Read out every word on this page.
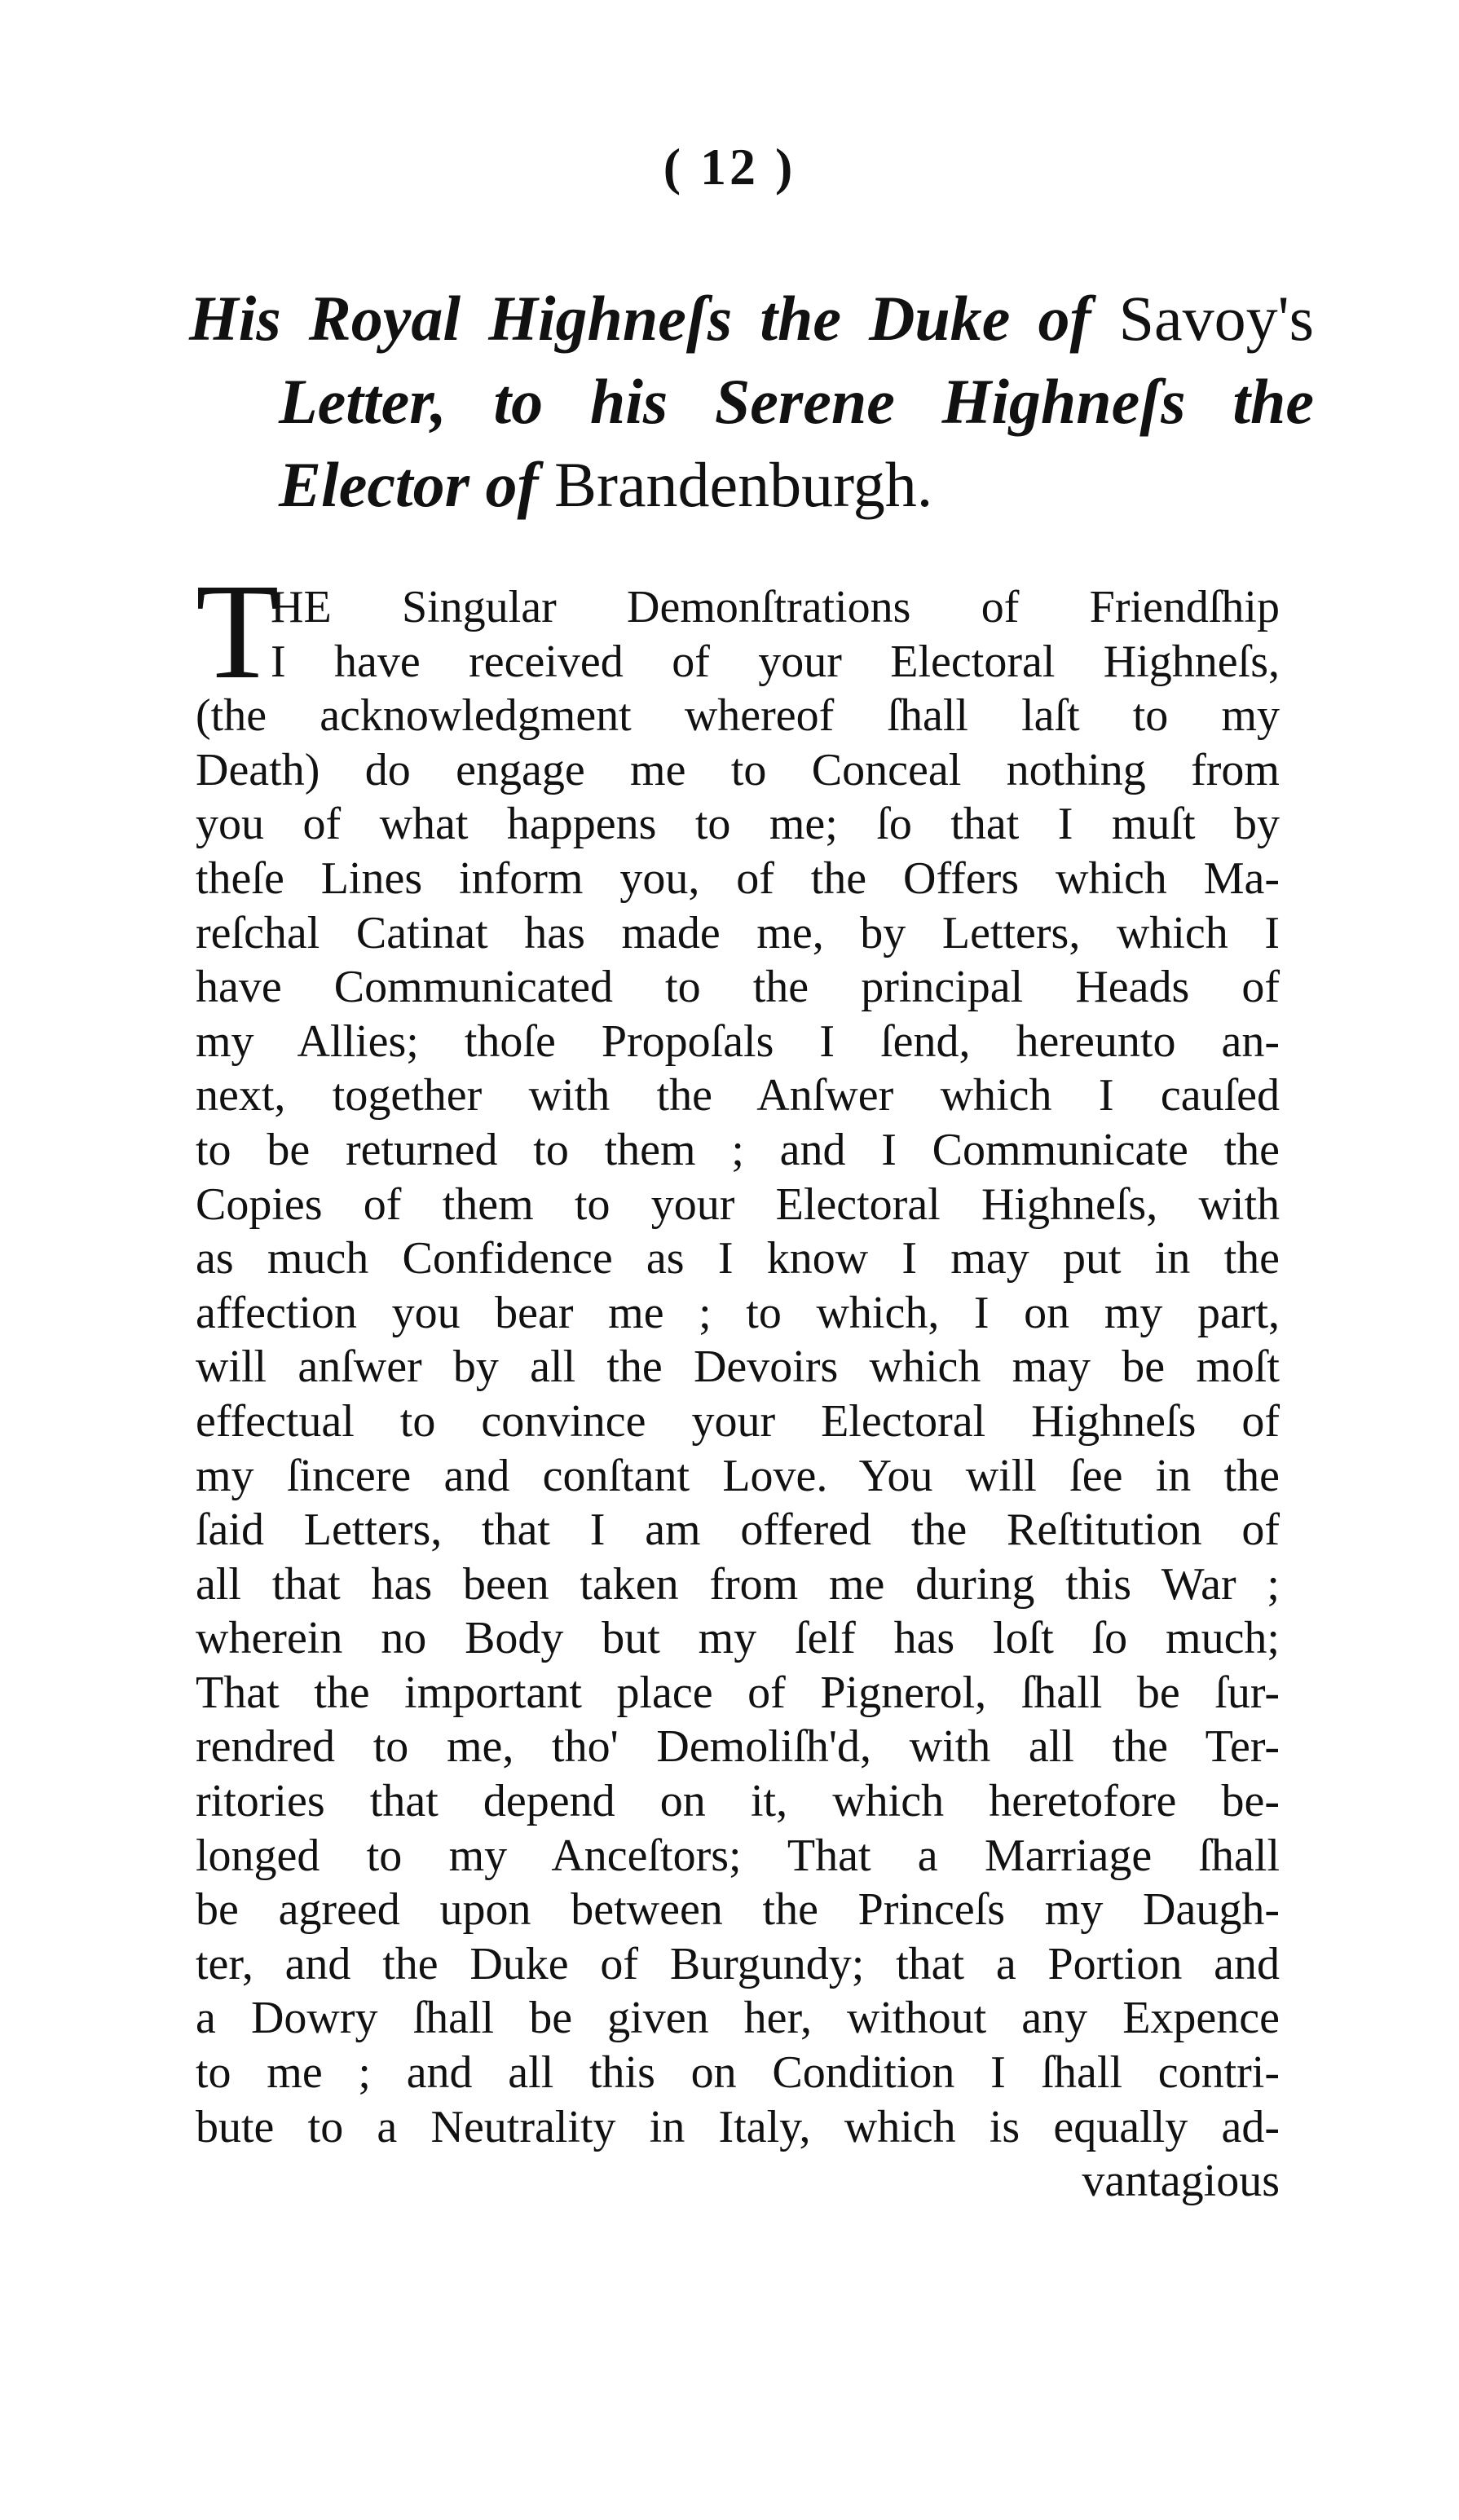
( 12 )
His Royal Highneſs the Duke of Savoy's
Letter, to his Serene Highneſs the
Elector of Brandenburgh.
T
HE Singular Demonſtrations of Friendſhip
I have received of your Electoral Highneſs,
(the acknowledgment whereof ſhall laſt to my
Death) do engage me to Conceal nothing from
you of what happens to me; ſo that I muſt by
theſe Lines inform you, of the Offers which Ma-
reſchal Catinat has made me, by Letters, which I
have Communicated to the principal Heads of
my Allies; thoſe Propoſals I ſend, hereunto an-
next, together with the Anſwer which I cauſed
to be returned to them ; and I Communicate the
Copies of them to your Electoral Highneſs, with
as much Confidence as I know I may put in the
affection you bear me ; to which, I on my part,
will anſwer by all the Devoirs which may be moſt
effectual to convince your Electoral Highneſs of
my ſincere and conſtant Love. You will ſee in the
ſaid Letters, that I am offered the Reſtitution of
all that has been taken from me during this War ;
wherein no Body but my ſelf has loſt ſo much;
That the important place of Pignerol, ſhall be ſur-
rendred to me, tho' Demoliſh'd, with all the Ter-
ritories that depend on it, which heretofore be-
longed to my Anceſtors; That a Marriage ſhall
be agreed upon between the Princeſs my Daugh-
ter, and the Duke of Burgundy; that a Portion and
a Dowry ſhall be given her, without any Expence
to me ; and all this on Condition I ſhall contri-
bute to a Neutrality in Italy, which is equally ad-
vantagious
